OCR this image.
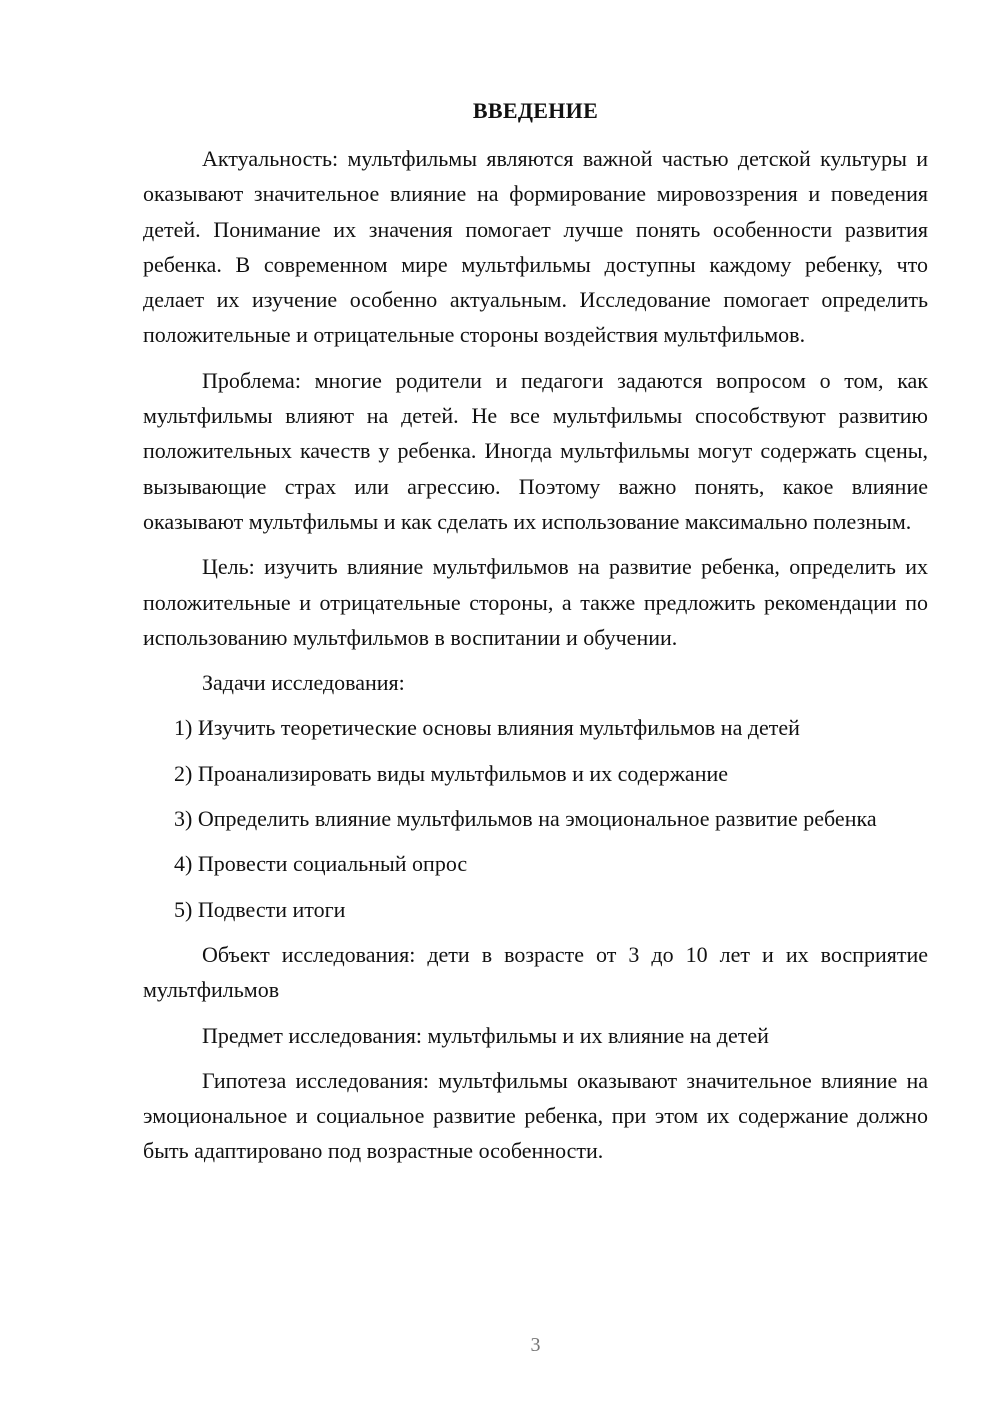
ВВЕДЕНИЕ

Актуальность: мультфильмы являются важной частью детской культуры и оказывают значительное влияние на формирование мировоззрения и поведения детей. Понимание их значения помогает лучше понять особенности развития ребенка. В современном мире мультфильмы доступны каждому ребенку, что делает их изучение особенно актуальным. Исследование помогает определить положительные и отрицательные стороны воздействия мультфильмов.

Проблема: многие родители и педагоги задаются вопросом о том, как мультфильмы влияют на детей. Не все мультфильмы способствуют развитию положительных качеств у ребенка. Иногда мультфильмы могут содержать сцены, вызывающие страх или агрессию. Поэтому важно понять, какое влияние оказывают мультфильмы и как сделать их использование максимально полезным.

Цель: изучить влияние мультфильмов на развитие ребенка, определить их положительные и отрицательные стороны, а также предложить рекомендации по использованию мультфильмов в воспитании и обучении.

Задачи исследования:

1) Изучить теоретические основы влияния мультфильмов на детей

2) Проанализировать виды мультфильмов и их содержание

3) Определить влияние мультфильмов на эмоциональное развитие ребенка

4) Провести социальный опрос

5) Подвести итоги

Объект исследования: дети в возрасте от 3 до 10 лет и их восприятие мультфильмов

Предмет исследования: мультфильмы и их влияние на детей

Гипотеза исследования: мультфильмы оказывают значительное влияние на эмоциональное и социальное развитие ребенка, при этом их содержание должно быть адаптировано под возрастные особенности.

3
